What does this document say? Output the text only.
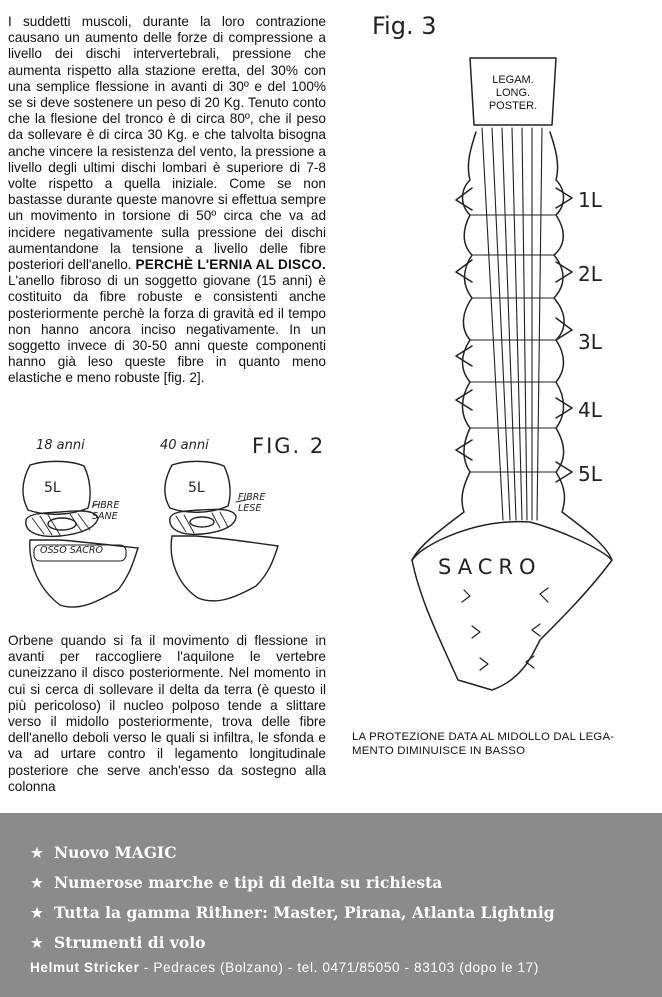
I suddetti muscoli, durante la loro contrazione causano un aumento delle forze di compressione a livello dei dischi intervertebrali, pressione che aumenta rispetto alla stazione eretta, del 30% con una semplice flessione in avanti di 30º e del 100% se si deve sostenere un peso di 20 Kg. Tenuto conto che la flesione del tronco è di circa 80º, che il peso da sollevare è di circa 30 Kg. e che talvolta bisogna anche vincere la resistenza del vento, la pressione a livello degli ultimi dischi lombari è superiore di 7-8 volte rispetto a quella iniziale. Come se non bastasse durante queste manovre si effettua sempre un movimento in torsione di 50º circa che va ad incidere negativamente sulla pressione dei dischi aumentandone la tensione a livello delle fibre posteriori dell'anello. PERCHÈ L'ERNIA AL DISCO. L'anello fibroso di un soggetto giovane (15 anni) è costituito da fibre robuste e consistenti anche posteriormente perchè la forza di gravità ed il tempo non hanno ancora inciso negativamente. In un soggetto invece di 30-50 anni queste componenti hanno già leso queste fibre in quanto meno elastiche e meno robuste [fig. 2].

Orbene quando si fa il movimento di flessione in avanti per raccogliere l'aquilone le vertebre cuneizzano il disco posteriormente. Nel momento in cui si cerca di sollevare il delta da terra (è questo il più pericoloso) il nucleo polposo tende a slittare verso il midollo posteriormente, trova delle fibre dell'anello deboli verso le quali si infiltra, le sfonda e va ad urtare contro il legamento longitudinale posteriore che serve anch'esso da sostegno alla colonna

18 anni	40 anni FIG. 2
5L
FIBRE SANE
OSSO SACRO
5L
FIBRE LESE
Fig. 3
LEGAM.
LONG.
POSTER.
1L
2L
3L
4L
5L
SACRO
LA PROTEZIONE DATA AL MIDOLLO DAL LEGA-
MENTO DIMINUISCE IN BASSO
★ Nuovo MAGIC
★ Numerose marche e tipi di delta su richiesta
★ Tutta la gamma Rithner: Master, Pirana, Atlanta Lightnig
★ Strumenti di volo
Helmut Stricker - Pedraces (Bolzano) - tel. 0471/85050 - 83103 (dopo le 17)
